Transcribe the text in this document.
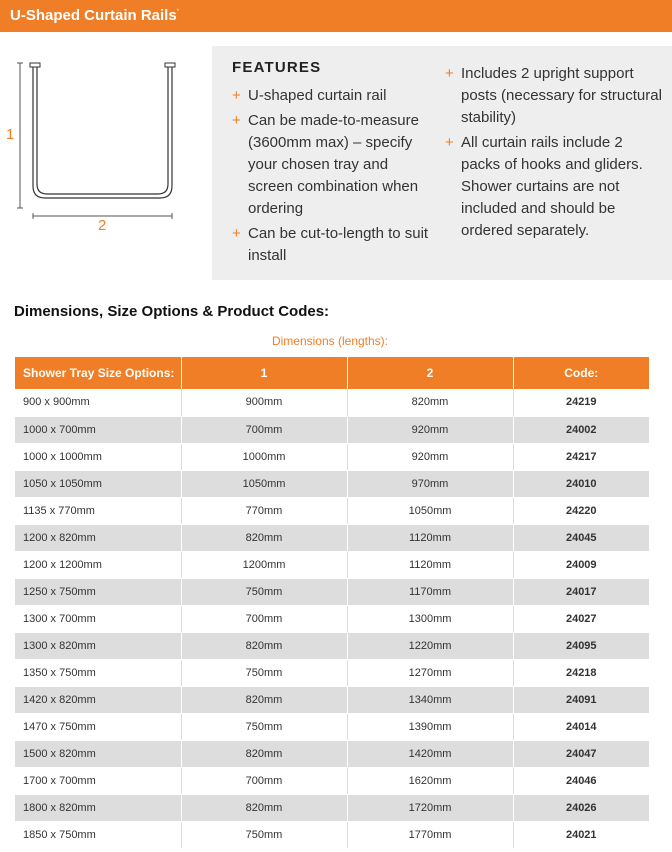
U-Shaped Curtain Rails*
1
2
FEATURES
+ U-shaped curtain rail
+ Can be made-to-measure (3600mm max) – specify your chosen tray and screen combination when ordering
+ Can be cut-to-length to suit install
+ Includes 2 upright support posts (necessary for structural stability)
+ All curtain rails include 2 packs of hooks and gliders. Shower curtains are not included and should be ordered separately.
Dimensions, Size Options & Product Codes:
Dimensions (lengths):
Shower Tray Size Options:	1	2	Code:
900 x 900mm	900mm	820mm	24219
1000 x 700mm	700mm	920mm	24002
1000 x 1000mm	1000mm	920mm	24217
1050 x 1050mm	1050mm	970mm	24010
1135 x 770mm	770mm	1050mm	24220
1200 x 820mm	820mm	1120mm	24045
1200 x 1200mm	1200mm	1120mm	24009
1250 x 750mm	750mm	1170mm	24017
1300 x 700mm	700mm	1300mm	24027
1300 x 820mm	820mm	1220mm	24095
1350 x 750mm	750mm	1270mm	24218
1420 x 820mm	820mm	1340mm	24091
1470 x 750mm	750mm	1390mm	24014
1500 x 820mm	820mm	1420mm	24047
1700 x 700mm	700mm	1620mm	24046
1800 x 820mm	820mm	1720mm	24026
1850 x 750mm	750mm	1770mm	24021
